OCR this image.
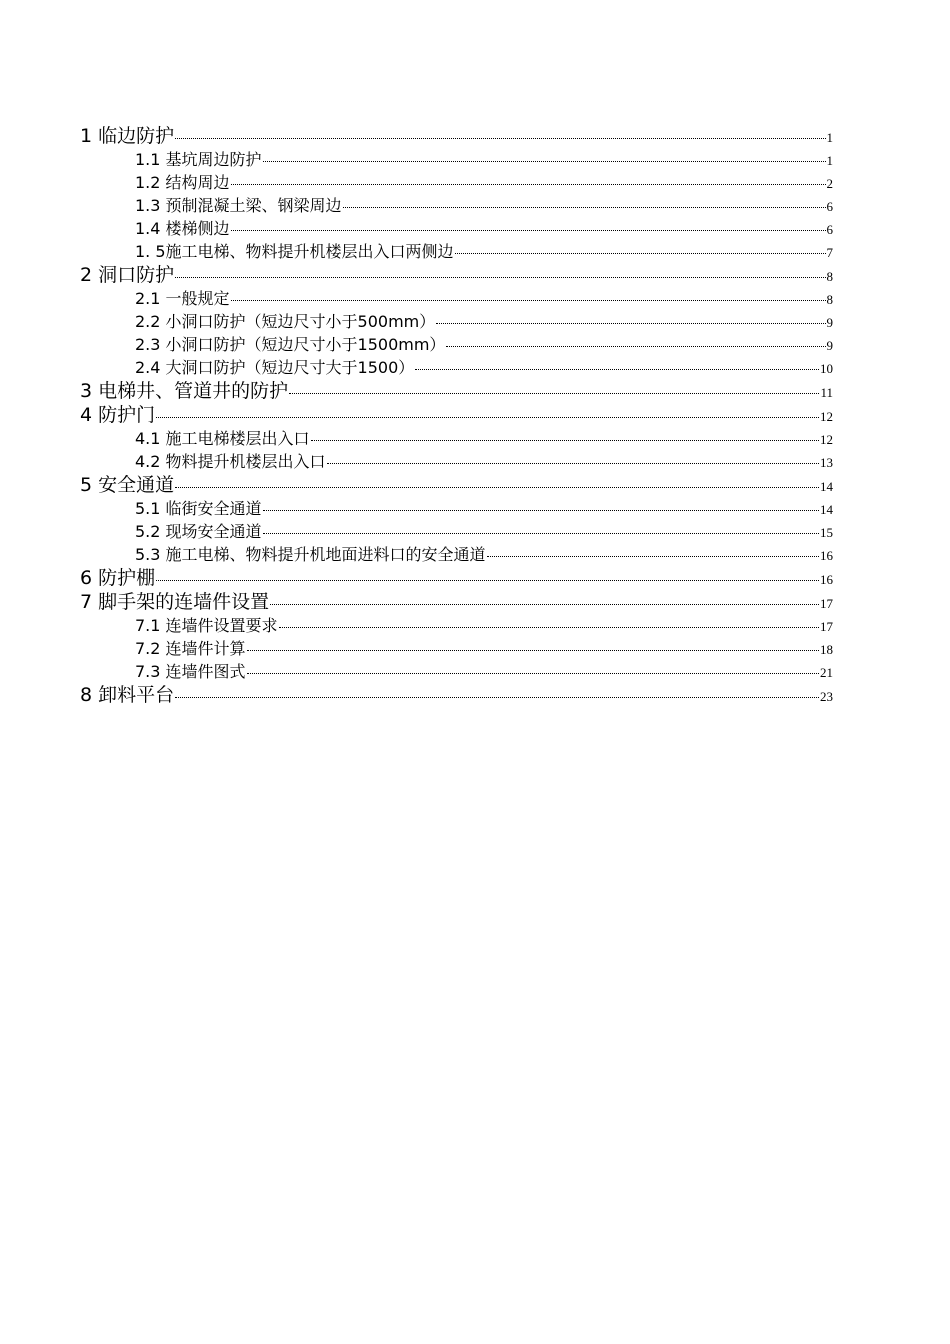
1 临边防护	1
1.1 基坑周边防护	1
1.2 结构周边	2
1.3 预制混凝土梁、钢梁周边	6
1.4 楼梯侧边	6
1. 5施工电梯、物料提升机楼层出入口两侧边	7
2 洞口防护	8
2.1 一般规定	8
2.2 小洞口防护（短边尺寸小于500mm）	9
2.3 小洞口防护（短边尺寸小于1500mm）	9
2.4 大洞口防护（短边尺寸大于1500）	10
3 电梯井、管道井的防护	11
4 防护门	12
4.1 施工电梯楼层出入口	12
4.2 物料提升机楼层出入口	13
5 安全通道	14
5.1 临街安全通道	14
5.2 现场安全通道	15
5.3 施工电梯、物料提升机地面进料口的安全通道	16
6 防护棚	16
7 脚手架的连墙件设置	17
7.1 连墙件设置要求	17
7.2 连墙件计算	18
7.3 连墙件图式	21
8 卸料平台	23
